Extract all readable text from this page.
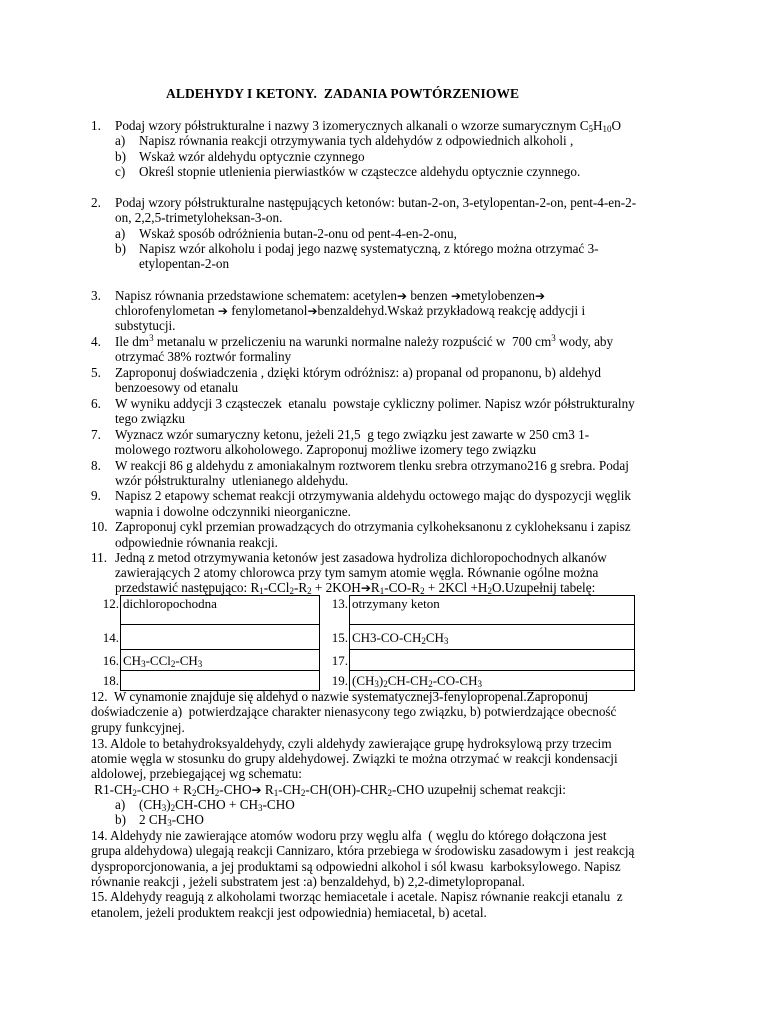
ALDEHYDY I KETONY.  ZADANIA POWTÓRZENIOWE
1. Podaj wzory półstrukturalne i nazwy 3 izomerycznych alkanali o wzorze sumarycznym $C_5H_{10}O$
a) Napisz równania reakcji otrzymywania tych aldehydów z odpowiednich alkoholi ,
b) Wskaż wzór aldehydu optycznie czynnego
c) Określ stopnie utlenienia pierwiastków w cząsteczce aldehydu optycznie czynnego.
2. Podaj wzory półstrukturalne następujących ketonów: butan-2-on, 3-etylopentan-2-on, pent-4-en-2-
on, 2,2,5-trimetyloheksan-3-on.
a) Wskaż sposób odróżnienia butan-2-onu od pent-4-en-2-onu,
b) Napisz wzór alkoholu i podaj jego nazwę systematyczną, z którego można otrzymać 3-
etylopentan-2-on
3. Napisz równania przedstawione schematem: acetylen➔ benzen ➔metylobenzen➔
chlorofenylometan ➔ fenylometanol➔benzaldehyd.Wskaż przykładową reakcję addycji i
substytucji.
4. Ile $dm^3$ metanalu w przeliczeniu na warunki normalne należy rozpuścić w  700 $cm^3$ wody, aby
otrzymać 38% roztwór formaliny
5. Zaproponuj doświadczenia , dzięki którym odróżnisz: a) propanal od propanonu, b) aldehyd
benzoesowy od etanalu
6. W wyniku addycji 3 cząsteczek  etanalu  powstaje cykliczny polimer. Napisz wzór półstrukturalny
tego związku
7. Wyznacz wzór sumaryczny ketonu, jeżeli 21,5  g tego związku jest zawarte w 250 cm3 1-
molowego roztworu alkoholowego. Zaproponuj możliwe izomery tego związku
8. W reakcji 86 g aldehydu z amoniakalnym roztworem tlenku srebra otrzymano216 g srebra. Podaj
wzór półstrukturalny  utlenianego aldehydu.
9. Napisz 2 etapowy schemat reakcji otrzymywania aldehydu octowego mając do dyspozycji węglik
wapnia i dowolne odczynniki nieorganiczne.
10. Zaproponuj cykl przemian prowadzących do otrzymania cylkoheksanonu z cykloheksanu i zapisz
odpowiednie równania reakcji.
11. Jedną z metod otrzymywania ketonów jest zasadowa hydroliza dichloropochodnych alkanów
zawierających 2 atomy chlorowca przy tym samym atomie węgla. Równanie ogólne można
przedstawić następująco: $R_1-CCl_2-R_2$ + $2KOH➔R_1-CO-R_2 + 2KCl$ $+H_2O.Uzupełnij$ tabelę:
12.	dichloropochodna	13.	otrzymany keton
14.		15.	$CH3-CO-CH_2CH_3$
16.	$CH_3-CCl_2-CH_3$	17.	
18.		19.	$(CH_3)_2CH-CH_2-CO-CH_3$
12.  W cynamonie znajduje się aldehyd o nazwie systematycznej3-fenylopropenal.Zaproponuj
doświadczenie a)  potwierdzające charakter nienasycony tego związku, b) potwierdzające obecność
grupy funkcyjnej.
13. Aldole to betahydroksyaldehydy, czyli aldehydy zawierające grupę hydroksylową przy trzecim
atomie węgla w stosunku do grupy aldehydowej. Związki te można otrzymać w reakcji kondensacji
aldolowej, przebiegającej wg schematu:
$R1-CH_2$-CHO + $R_2CH_2-CHO➔$ $R_1-CH_2-CH(OH)-CHR_2$-CHO uzupełnij schemat reakcji:
a) $(CH_3)_2CH$-CHO + $CH_3$-CHO
b) 2 $CH_3$-CHO
14. Aldehydy nie zawierające atomów wodoru przy węglu alfa  ( węglu do którego dołączona jest
grupa aldehydowa) ulegają reakcji Cannizaro, która przebiega w środowisku zasadowym i  jest reakcją
dysproporcjonowania, a jej produktami są odpowiedni alkohol i sól kwasu  karboksylowego. Napisz
równanie reakcji , jeżeli substratem jest :a) benzaldehyd, b) 2,2-dimetylopropanal.
15. Aldehydy reagują z alkoholami tworząc hemiacetale i acetale. Napisz równanie reakcji etanalu  z
etanolem, jeżeli produktem reakcji jest odpowiednia) hemiacetal, b) acetal.
